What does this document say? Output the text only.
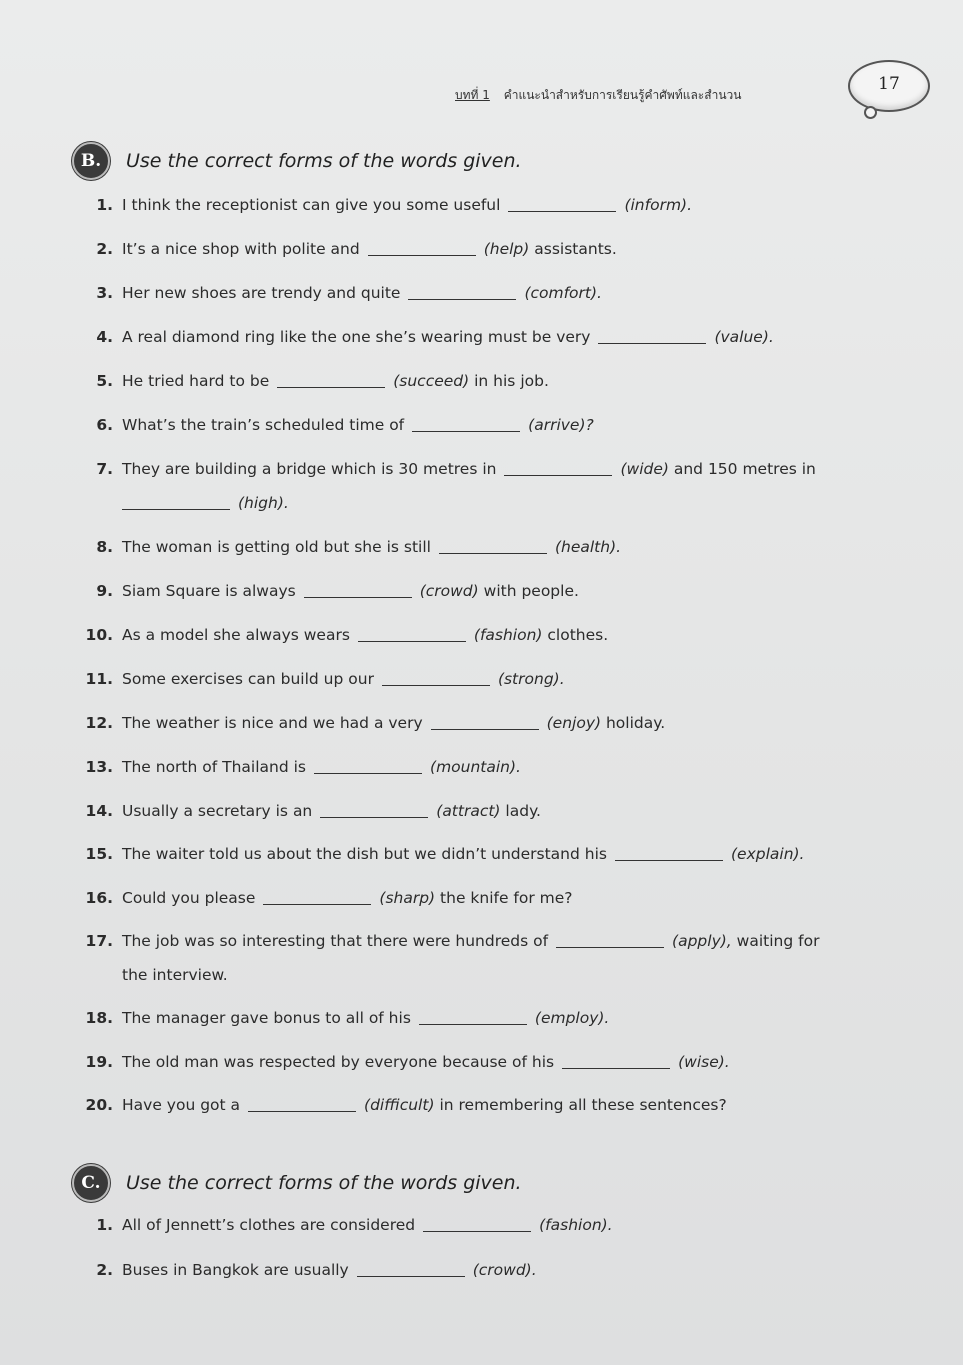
บทที่ 1 คำแนะนำสำหรับการเรียนรู้คำศัพท์และสำนวน
17
B.	Use the correct forms of the words given.
1. I think the receptionist can give you some useful	(inform).
2. It’s a nice shop with polite and	(help) assistants.
3. Her new shoes are trendy and quite	(comfort).
4. A real diamond ring like the one she’s wearing must be very	(value).
5. He tried hard to be	(succeed) in his job.
6. What’s the train’s scheduled time of	(arrive)?
7. They are building a bridge which is 30 metres in	(wide) and 150 metres in
(high).
8. The woman is getting old but she is still	(health).
9. Siam Square is always	(crowd) with people.
10. As a model she always wears	(fashion) clothes.
11. Some exercises can build up our	(strong).
12. The weather is nice and we had a very	(enjoy) holiday.
13. The north of Thailand is	(mountain).
14. Usually a secretary is an	(attract) lady.
15. The waiter told us about the dish but we didn’t understand his	(explain).
16. Could you please	(sharp) the knife for me?
17. The job was so interesting that there were hundreds of	(apply), waiting for
the interview.
18. The manager gave bonus to all of his	(employ).
19. The old man was respected by everyone because of his	(wise).
20. Have you got a	(difficult) in remembering all these sentences?
C.	Use the correct forms of the words given.
1. All of Jennett’s clothes are considered	(fashion).
2. Buses in Bangkok are usually	(crowd).
